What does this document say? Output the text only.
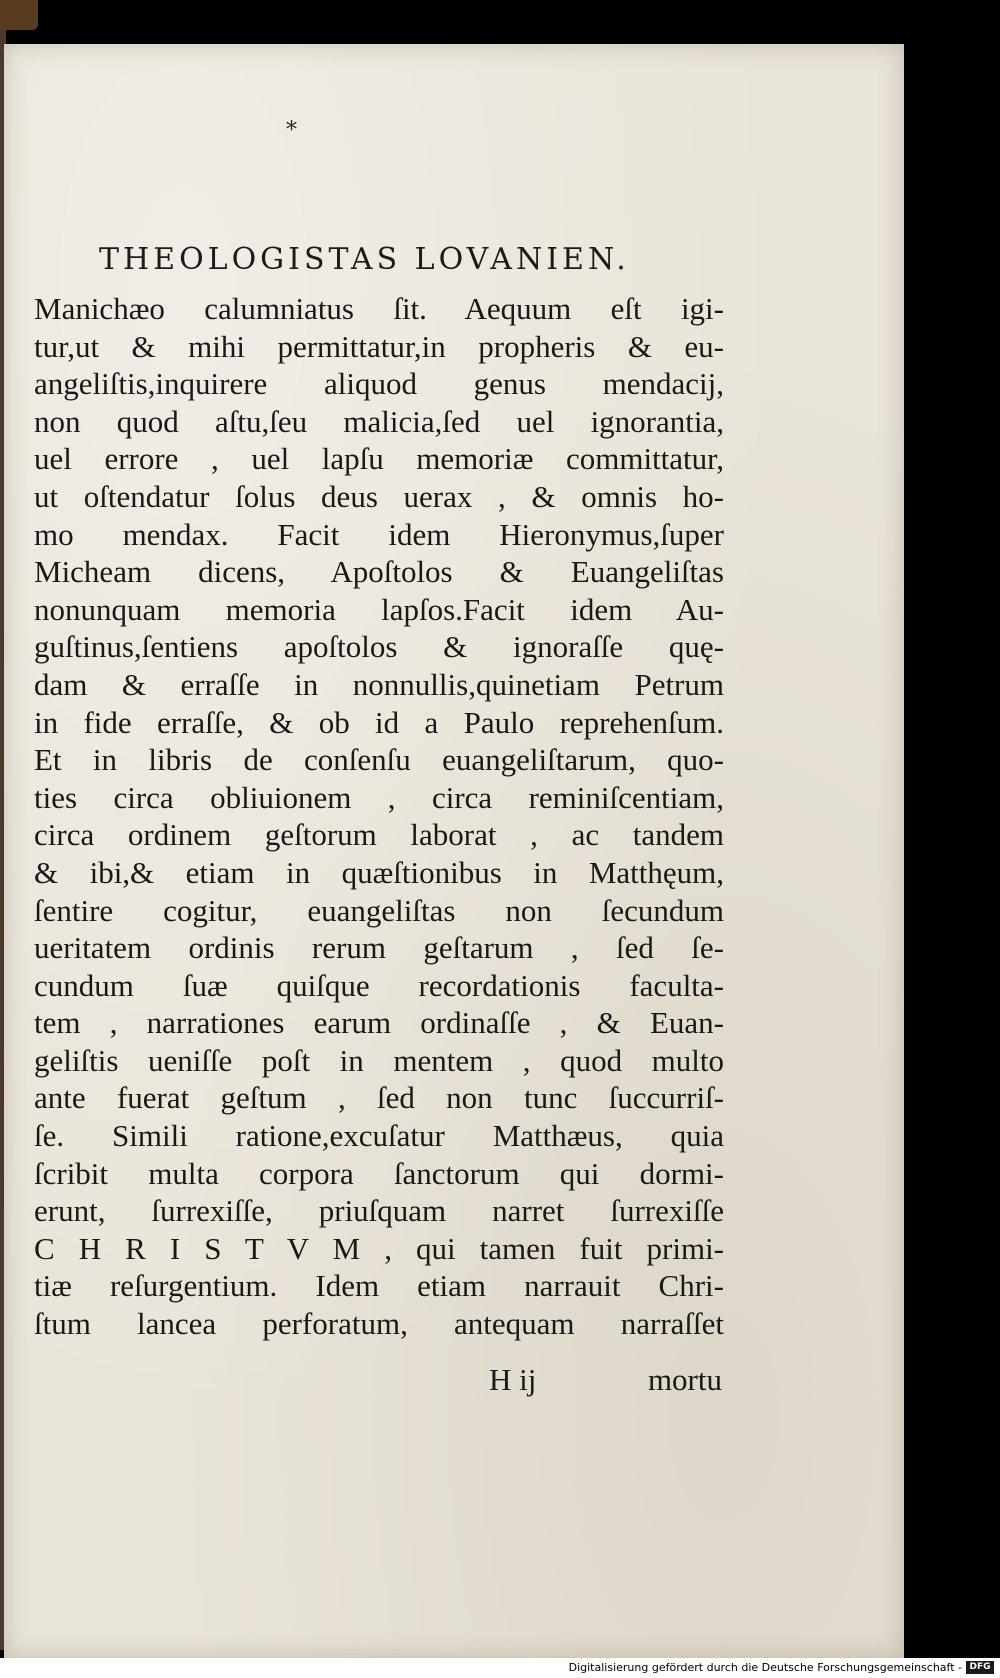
*
THEOLOGISTAS LOVANIEN.
Manichæo calumniatus ſit. Aequum eſt igi-
tur,ut & mihi permittatur,in propheris & eu-
angeliſtis,inquirere aliquod genus mendacij,
non quod aſtu,ſeu malicia,ſed uel ignorantia,
uel errore , uel lapſu memoriæ committatur,
ut oſtendatur ſolus deus uerax , & omnis ho-
mo mendax. Facit idem Hieronymus,ſuper
Micheam dicens, Apoſtolos & Euangeliſtas
nonunquam memoria lapſos.Facit idem Au-
guſtinus,ſentiens apoſtolos & ignoraſſe quę-
dam & erraſſe in nonnullis,quinetiam Petrum
in fide erraſſe, & ob id a Paulo reprehenſum.
Et in libris de conſenſu euangeliſtarum, quo-
ties circa obliuionem , circa reminiſcentiam,
circa ordinem geſtorum laborat , ac tandem
& ibi,& etiam in quæſtionibus in Matthęum,
ſentire cogitur, euangeliſtas non ſecundum
ueritatem ordinis rerum geſtarum , ſed ſe-
cundum ſuæ quiſque recordationis faculta-
tem , narrationes earum ordinaſſe , & Euan-
geliſtis ueniſſe poſt in mentem , quod multo
ante fuerat geſtum , ſed non tunc ſuccurriſ-
ſe. Simili ratione,excuſatur Matthæus, quia
ſcribit multa corpora ſanctorum qui dormi-
erunt, ſurrexiſſe, priuſquam narret ſurrexiſſe
C H R I S T V M , qui tamen fuit primi-
tiæ reſurgentium. Idem etiam narrauit Chri-
ſtum lancea perforatum, antequam narraſſet
H ij	mortu
Digitalisierung gefördert durch die Deutsche Forschungsgemeinschaft - DFG
